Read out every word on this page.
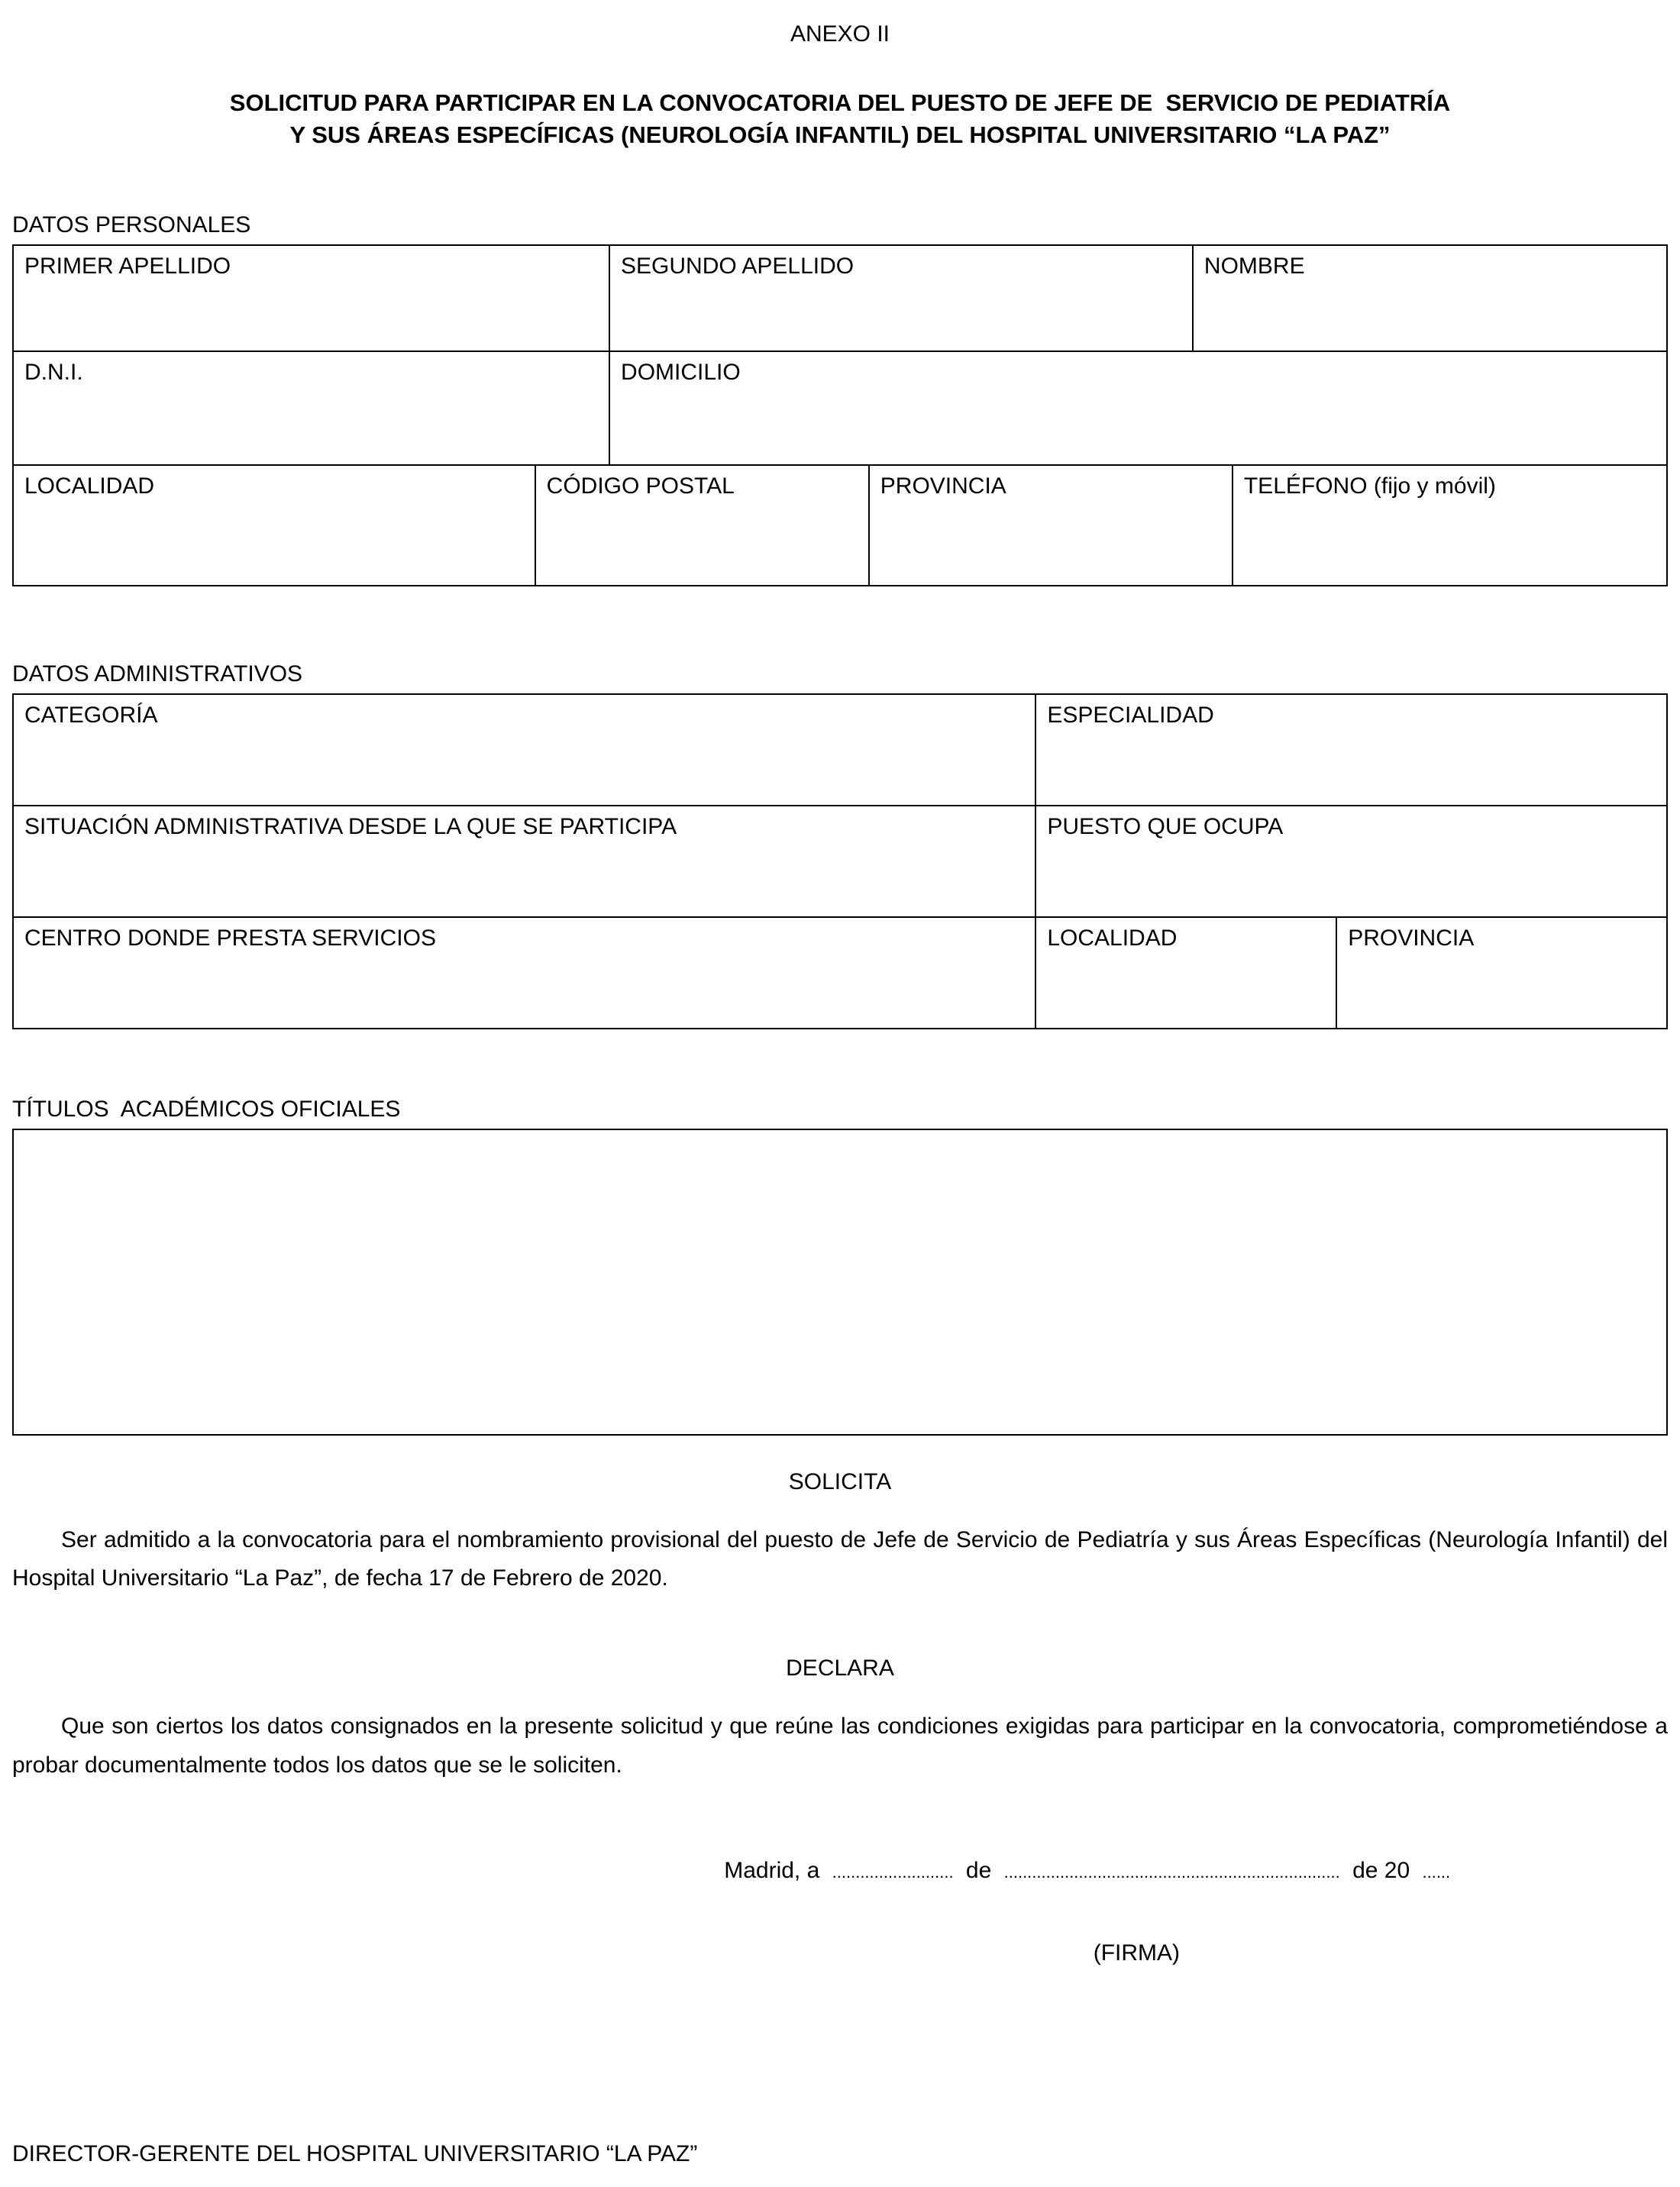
ANEXO II
SOLICITUD PARA PARTICIPAR EN LA CONVOCATORIA DEL PUESTO DE JEFE DE  SERVICIO DE PEDIATRÍA
Y SUS ÁREAS ESPECÍFICAS (NEUROLOGÍA INFANTIL) DEL HOSPITAL UNIVERSITARIO “LA PAZ”
DATOS PERSONALES
PRIMER APELLIDO	SEGUNDO APELLIDO	NOMBRE
D.N.I.	DOMICILIO
LOCALIDAD	CÓDIGO POSTAL	PROVINCIA	TELÉFONO (fijo y móvil)
DATOS ADMINISTRATIVOS
CATEGORÍA	ESPECIALIDAD
SITUACIÓN ADMINISTRATIVA DESDE LA QUE SE PARTICIPA	PUESTO QUE OCUPA
CENTRO DONDE PRESTA SERVICIOS	LOCALIDAD	PROVINCIA
TÍTULOS  ACADÉMICOS OFICIALES
SOLICITA
Ser admitido a la convocatoria para el nombramiento provisional del puesto de Jefe de Servicio de Pediatría y sus Áreas Específicas (Neurología Infantil) del Hospital Universitario “La Paz”, de fecha 17 de Febrero de 2020.
DECLARA
Que son ciertos los datos consignados en la presente solicitud y que reúne las condiciones exigidas para participar en la convocatoria, comprometiéndose a probar documentalmente todos los datos que se le soliciten.
Madrid, a .......................... de ........................................................................ de 20 ......
(FIRMA)
DIRECTOR-GERENTE DEL HOSPITAL UNIVERSITARIO “LA PAZ”
